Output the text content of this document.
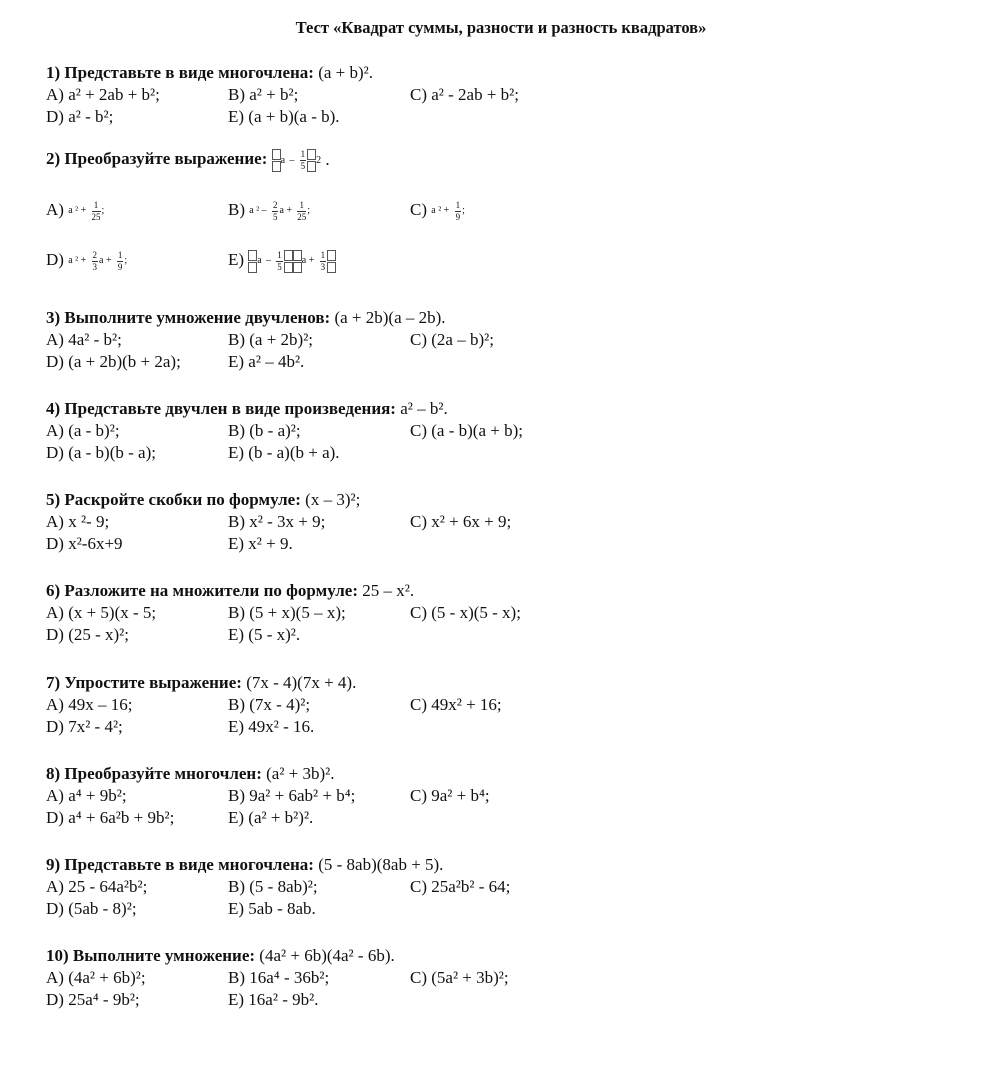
Тест «Квадрат суммы, разности и разность квадратов»
1) Представьте в виде многочлена: (a + b)².
A) a² + 2ab + b²;	B) a² + b²;	C) a² - 2ab + b²;
D) a² - b²;	E) (a + b)(a - b).
2) Преобразуйте выражение: a – $\frac{1}{5} 2$ .
A) a $^2 + \frac{1}{25}$ ;	B) a $^2 - \frac{2}{5}$ $a + \frac{1}{25}$ ;	C) a $^2 + \frac{1}{9}$ ;
D) a $^2 + \frac{2}{3}$ $a + \frac{1}{9}$ ;	E) a – $\frac{1}{5}$ $a + \frac{1}{3}$
3) Выполните умножение двучленов: (a + 2b)(a – 2b).
A) 4a² - b²;	B) (a + 2b)²;	C) (2a – b)²;
D) (a + 2b)(b + 2a);	E) a² – 4b².
4) Представьте двучлен в виде произведения: a² – b².
A) (a - b)²;	B) (b - a)²;	C) (a - b)(a + b);
D) (a - b)(b - a);	E) (b - a)(b + a).
5) Раскройте скобки по формуле: (x – 3)²;
A) x ²- 9;	B) x² - 3x + 9;	C) x² + 6x + 9;
D) x²-6x+9	E) x² + 9.
6) Разложите на множители по формуле: 25 – x².
A) (x + 5)(x - 5;	B) (5 + x)(5 – x);	C) (5 - x)(5 - x);
D) (25 - x)²;	E) (5 - x)².
7) Упростите выражение: (7x - 4)(7x + 4).
A) 49x – 16;	B) (7x - 4)²;	C) 49x² + 16;
D) 7x² - 4²;	E) 49x² - 16.
8) Преобразуйте многочлен: (a² + 3b)².
A) a⁴ + 9b²;	B) 9a² + 6ab² + b⁴;	C) 9a² + b⁴;
D) a⁴ + 6a²b + 9b²;	E) (a² + b²)².
9) Представьте в виде многочлена: (5 - 8ab)(8ab + 5).
A) 25 - 64a²b²;	B) (5 - 8ab)²;	C) 25a²b² - 64;
D) (5ab - 8)²;	E) 5ab - 8ab.
10) Выполните умножение: (4a² + 6b)(4a² - 6b).
A) (4a² + 6b)²;	B) 16a⁴ - 36b²;	C) (5a² + 3b)²;
D) 25a⁴ - 9b²;	E) 16a² - 9b².
